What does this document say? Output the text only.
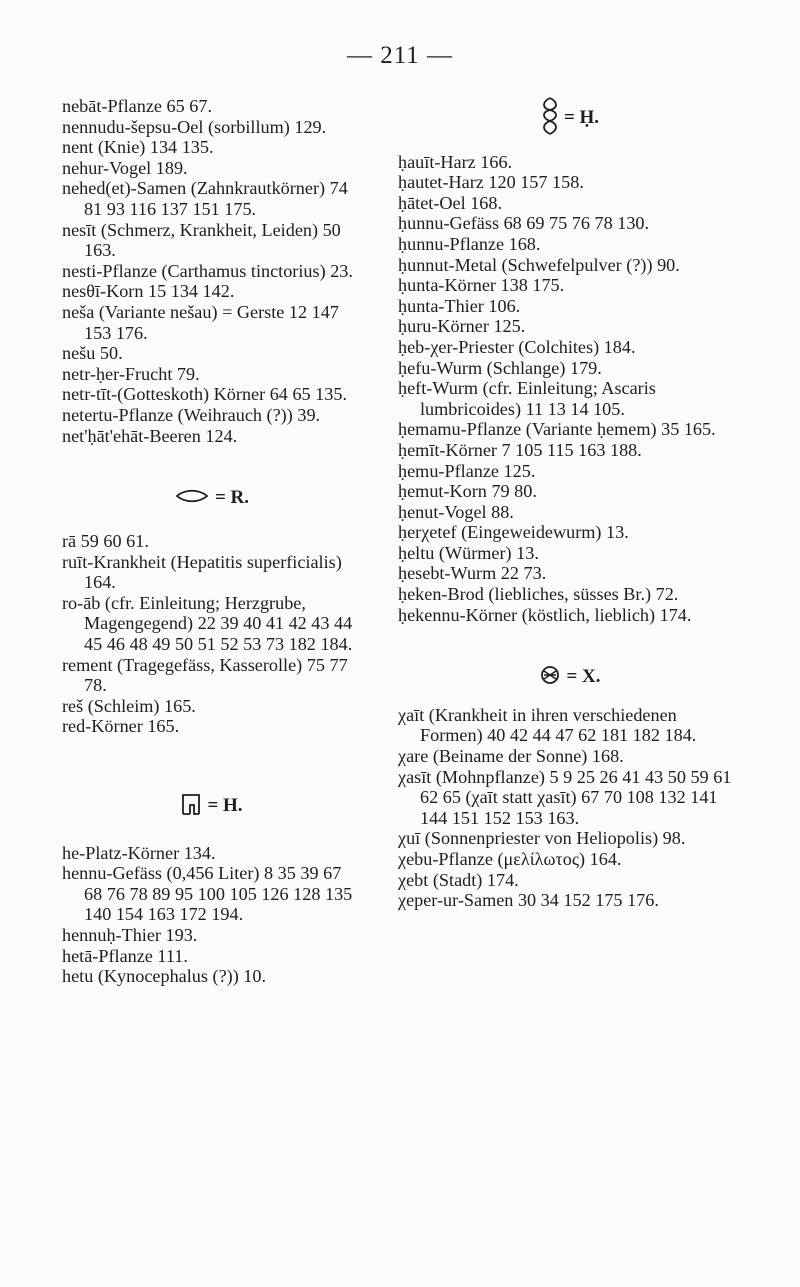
— 211 —
nebāt-Pflanze 65 67.
nennudu-šepsu-Oel (sorbillum) 129.
nent (Knie) 134 135.
nehur-Vogel 189.
nehed(et)-Samen (Zahnkrautkörner) 74 81 93 116 137 151 175.
nesīt (Schmerz, Krankheit, Leiden) 50 163.
nesti-Pflanze (Carthamus tinctorius) 23.
nesθī-Korn 15 134 142.
neša (Variante nešau) = Gerste 12 147 153 176.
nešu 50.
netr-ḥer-Frucht 79.
netr-tīt-(Gotteskoth) Körner 64 65 135.
netertu-Pflanze (Weihrauch (?)) 39.
net'ḥāt'ehāt-Beeren 124.
= R.
rā 59 60 61.
ruīt-Krankheit (Hepatitis superficialis) 164.
ro-āb (cfr. Einleitung; Herzgrube, Magengegend) 22 39 40 41 42 43 44 45 46 48 49 50 51 52 53 73 182 184.
rement (Tragegefäss, Kasserolle) 75 77 78.
reš (Schleim) 165.
red-Körner 165.
= H.
he-Platz-Körner 134.
hennu-Gefäss (0,456 Liter) 8 35 39 67 68 76 78 89 95 100 105 126 128 135 140 154 163 172 194.
hennuḥ-Thier 193.
hetā-Pflanze 111.
hetu (Kynocephalus (?)) 10.
= Ḥ.
ḥauīt-Harz 166.
ḥautet-Harz 120 157 158.
ḥātet-Oel 168.
ḥunnu-Gefäss 68 69 75 76 78 130.
ḥunnu-Pflanze 168.
ḥunnut-Metal (Schwefelpulver (?)) 90.
ḥunta-Körner 138 175.
ḥunta-Thier 106.
ḥuru-Körner 125.
ḥeb-χer-Priester (Colchites) 184.
ḥefu-Wurm (Schlange) 179.
ḥeft-Wurm (cfr. Einleitung; Ascaris lumbricoides) 11 13 14 105.
ḥemamu-Pflanze (Variante ḥemem) 35 165.
ḥemīt-Körner 7 105 115 163 188.
ḥemu-Pflanze 125.
ḥemut-Korn 79 80.
ḥenut-Vogel 88.
ḥerχetef (Eingeweidewurm) 13.
ḥeltu (Würmer) 13.
ḥesebt-Wurm 22 73.
ḥeken-Brod (liebliches, süsses Br.) 72.
ḥekennu-Körner (köstlich, lieblich) 174.
= X.
χaīt (Krankheit in ihren verschiedenen Formen) 40 42 44 47 62 181 182 184.
χare (Beiname der Sonne) 168.
χasīt (Mohnpflanze) 5 9 25 26 41 43 50 59 61 62 65 (χaīt statt χasīt) 67 70 108 132 141 144 151 152 153 163.
χuī (Sonnenpriester von Heliopolis) 98.
χebu-Pflanze (μελίλωτος) 164.
χebt (Stadt) 174.
χeper-ur-Samen 30 34 152 175 176.
